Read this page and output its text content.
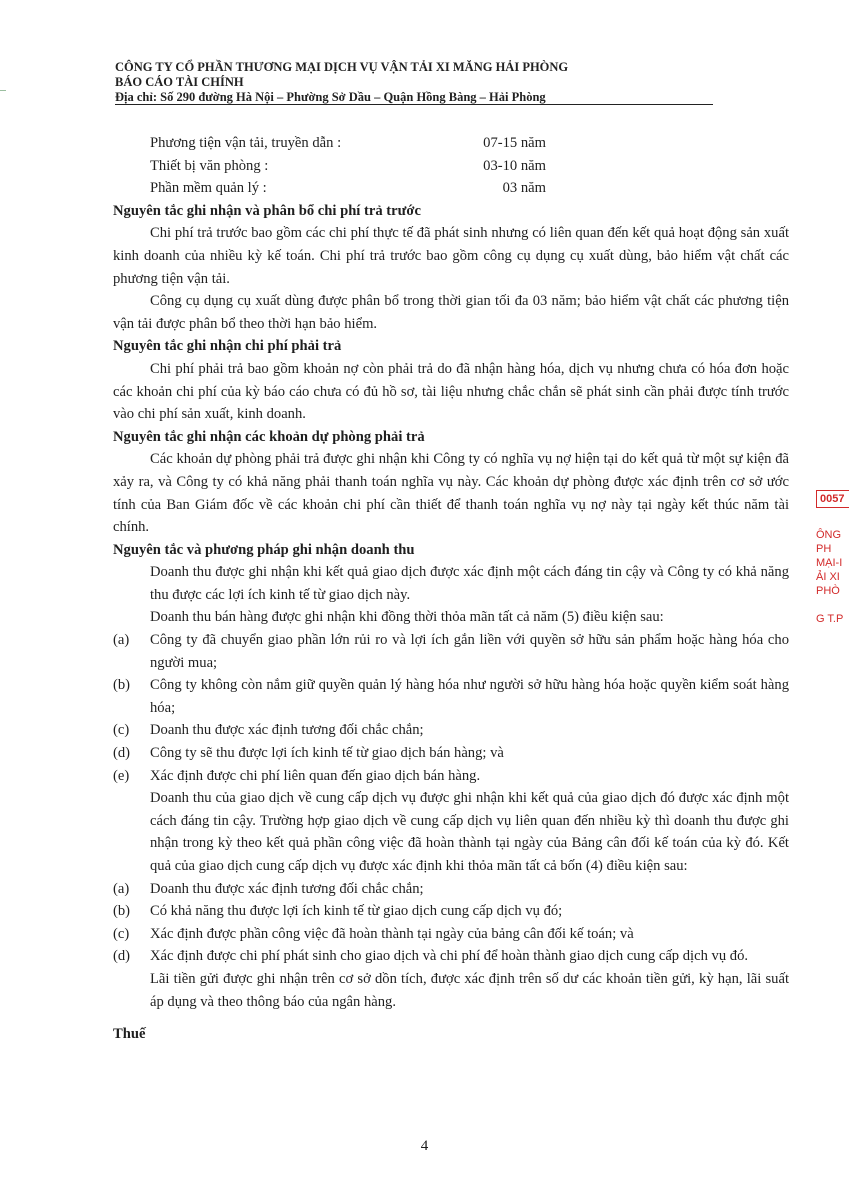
CÔNG TY CỔ PHẦN THƯƠNG MẠI DỊCH VỤ VẬN TẢI XI MĂNG HẢI PHÒNG
BÁO CÁO TÀI CHÍNH
Địa chỉ: Số 290 đường Hà Nội – Phường Sở Dầu – Quận Hồng Bàng – Hải Phòng
Phương tiện vận tải, truyền dẫn :	07-15 năm
Thiết bị văn phòng :	03-10 năm
Phần mềm quản lý :	03 năm
Nguyên tắc ghi nhận và phân bổ chi phí trả trước

Chi phí trả trước bao gồm các chi phí thực tế đã phát sinh nhưng có liên quan đến kết quả hoạt động sản xuất kinh doanh của nhiều kỳ kế toán. Chi phí trả trước bao gồm công cụ dụng cụ xuất dùng, bảo hiểm vật chất các phương tiện vận tải.

Công cụ dụng cụ xuất dùng được phân bổ trong thời gian tối đa 03 năm; bảo hiểm vật chất các phương tiện vận tải được phân bổ theo thời hạn bảo hiểm.

Nguyên tắc ghi nhận chi phí phải trả

Chi phí phải trả bao gồm khoản nợ còn phải trả do đã nhận hàng hóa, dịch vụ nhưng chưa có hóa đơn hoặc các khoản chi phí của kỳ báo cáo chưa có đủ hồ sơ, tài liệu nhưng chắc chắn sẽ phát sinh cần phải được tính trước vào chi phí sản xuất, kinh doanh.

Nguyên tắc ghi nhận các khoản dự phòng phải trả

Các khoản dự phòng phải trả được ghi nhận khi Công ty có nghĩa vụ nợ hiện tại do kết quả từ một sự kiện đã xảy ra, và Công ty có khả năng phải thanh toán nghĩa vụ này. Các khoản dự phòng được xác định trên cơ sở ước tính của Ban Giám đốc về các khoản chi phí cần thiết để thanh toán nghĩa vụ nợ này tại ngày kết thúc năm tài chính.

Nguyên tắc và phương pháp ghi nhận doanh thu

Doanh thu được ghi nhận khi kết quả giao dịch được xác định một cách đáng tin cậy và Công ty có khả năng thu được các lợi ích kinh tế từ giao dịch này.

Doanh thu bán hàng được ghi nhận khi đồng thời thỏa mãn tất cả năm (5) điều kiện sau:

(a)	Công ty đã chuyển giao phần lớn rủi ro và lợi ích gắn liền với quyền sở hữu sản phẩm hoặc hàng hóa cho người mua;
(b)	Công ty không còn nắm giữ quyền quản lý hàng hóa như người sở hữu hàng hóa hoặc quyền kiểm soát hàng hóa;
(c)	Doanh thu được xác định tương đối chắc chắn;
(d)	Công ty sẽ thu được lợi ích kinh tế từ giao dịch bán hàng; và
(e)	Xác định được chi phí liên quan đến giao dịch bán hàng.

Doanh thu của giao dịch về cung cấp dịch vụ được ghi nhận khi kết quả của giao dịch đó được xác định một cách đáng tin cậy. Trường hợp giao dịch về cung cấp dịch vụ liên quan đến nhiều kỳ thì doanh thu được ghi nhận trong kỳ theo kết quả phần công việc đã hoàn thành tại ngày của Bảng cân đối kế toán của kỳ đó. Kết quả của giao dịch cung cấp dịch vụ được xác định khi thỏa mãn tất cả bốn (4) điều kiện sau:

(a)	Doanh thu được xác định tương đối chắc chắn;
(b)	Có khả năng thu được lợi ích kinh tế từ giao dịch cung cấp dịch vụ đó;
(c)	Xác định được phần công việc đã hoàn thành tại ngày của bảng cân đối kế toán; và
(d)	Xác định được chi phí phát sinh cho giao dịch và chi phí để hoàn thành giao dịch cung cấp dịch vụ đó.

Lãi tiền gửi được ghi nhận trên cơ sở dồn tích, được xác định trên số dư các khoản tiền gửi, kỳ hạn, lãi suất áp dụng và theo thông báo của ngân hàng.

Thuế
0057
ÔNG
PH
MẠI-I
ẢI XI
PHÒ
G T.P
4
